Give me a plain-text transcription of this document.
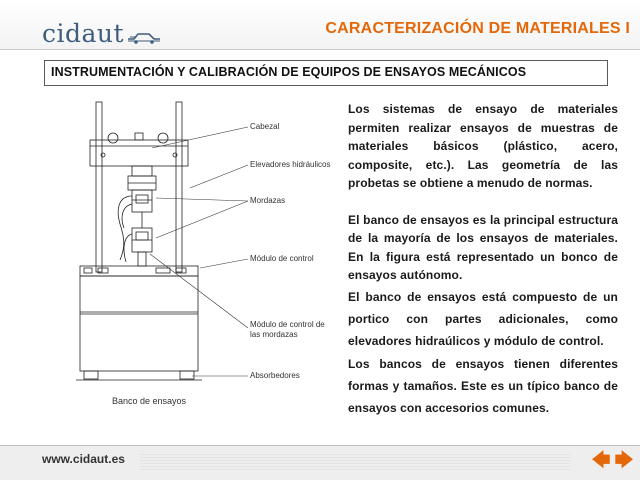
cidaut	CARACTERIZACIÓN DE MATERIALES I
INSTRUMENTACIÓN Y CALIBRACIÓN DE EQUIPOS DE ENSAYOS MECÁNICOS
Cabezal
Elevadores hidráulicos
Mordazas
Módulo de control
Módulo de control de
las mordazas
Absorbedores
Banco de ensayos

Los sistemas de ensayo de materiales permiten realizar ensayos de muestras de materiales básicos (plástico, acero, composite, etc.). Las geometría de las probetas se obtiene a menudo de normas.

El banco de ensayos es la principal estructura de la mayoría de los ensayos de materiales. En la figura está representado un bonco de ensayos autónomo.

El banco de ensayos está compuesto de un portico con partes adicionales, como elevadores hidraúlicos y módulo de control.

Los bancos de ensayos tienen diferentes formas y tamaños. Este es un típico banco de ensayos con accesorios comunes.

www.cidaut.es	🡄 🡆
